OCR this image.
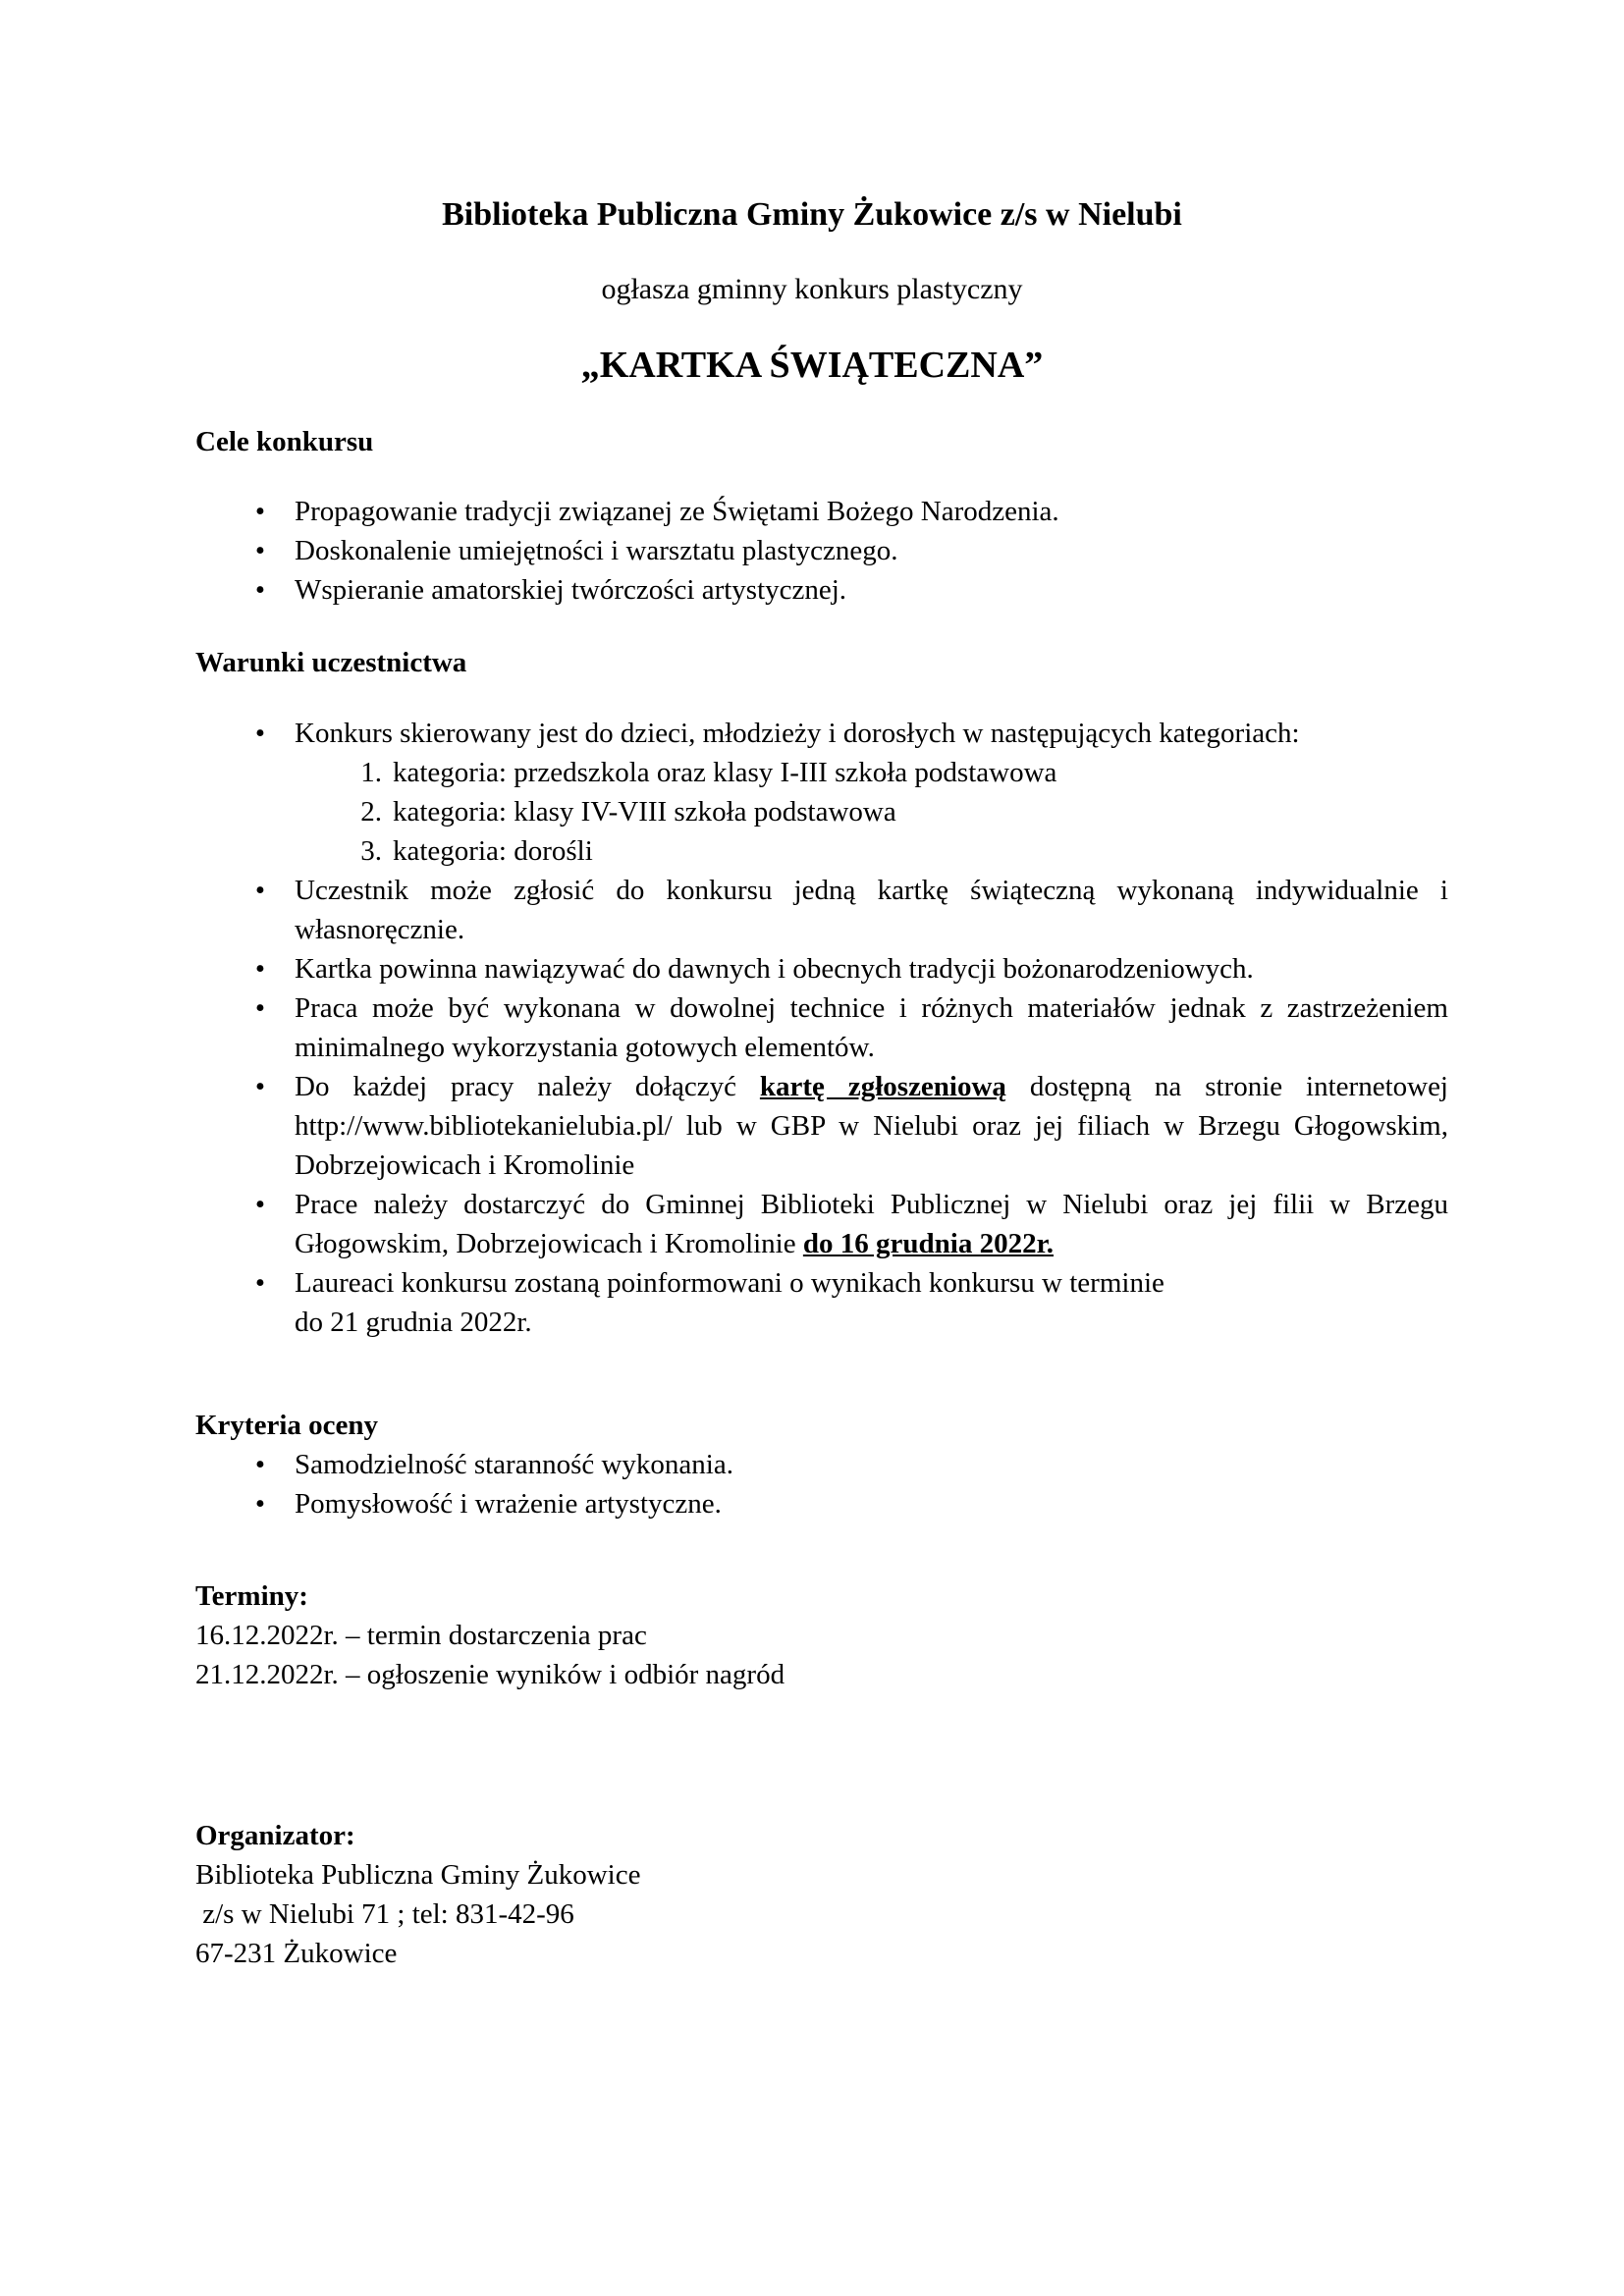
Biblioteka Publiczna Gminy Żukowice z/s w Nielubi
ogłasza gminny konkurs plastyczny
„KARTKA ŚWIĄTECZNA”

Cele konkursu

• Propagowanie tradycji związanej ze Świętami Bożego Narodzenia.
• Doskonalenie umiejętności i warsztatu plastycznego.
• Wspieranie amatorskiej twórczości artystycznej.

Warunki uczestnictwa

• Konkurs skierowany jest do dzieci, młodzieży i dorosłych w następujących kategoriach:
1. kategoria: przedszkola oraz klasy I-III szkoła podstawowa
2. kategoria: klasy IV-VIII szkoła podstawowa
3. kategoria: dorośli
• Uczestnik może zgłosić do konkursu jedną kartkę świąteczną wykonaną indywidualnie i własnoręcznie.
• Kartka powinna nawiązywać do dawnych i obecnych tradycji bożonarodzeniowych.
• Praca może być wykonana w dowolnej technice i różnych materiałów jednak z zastrzeżeniem minimalnego wykorzystania gotowych elementów.
• Do każdej pracy należy dołączyć kartę zgłoszeniową dostępną na stronie internetowej http://www.bibliotekanielubia.pl/ lub w GBP w Nielubi oraz jej filiach w Brzegu Głogowskim, Dobrzejowicach i Kromolinie
• Prace należy dostarczyć do Gminnej Biblioteki Publicznej w Nielubi oraz jej filii w Brzegu Głogowskim, Dobrzejowicach i Kromolinie do 16 grudnia 2022r.
• Laureaci konkursu zostaną poinformowani o wynikach konkursu w terminie
do 21 grudnia 2022r.

Kryteria oceny

• Samodzielność staranność wykonania.
• Pomysłowość i wrażenie artystyczne.

Terminy:

16.12.2022r. – termin dostarczenia prac

21.12.2022r. – ogłoszenie wyników i odbiór nagród

Organizator:

Biblioteka Publiczna Gminy Żukowice

z/s w Nielubi 71 ; tel: 831-42-96

67-231 Żukowice
